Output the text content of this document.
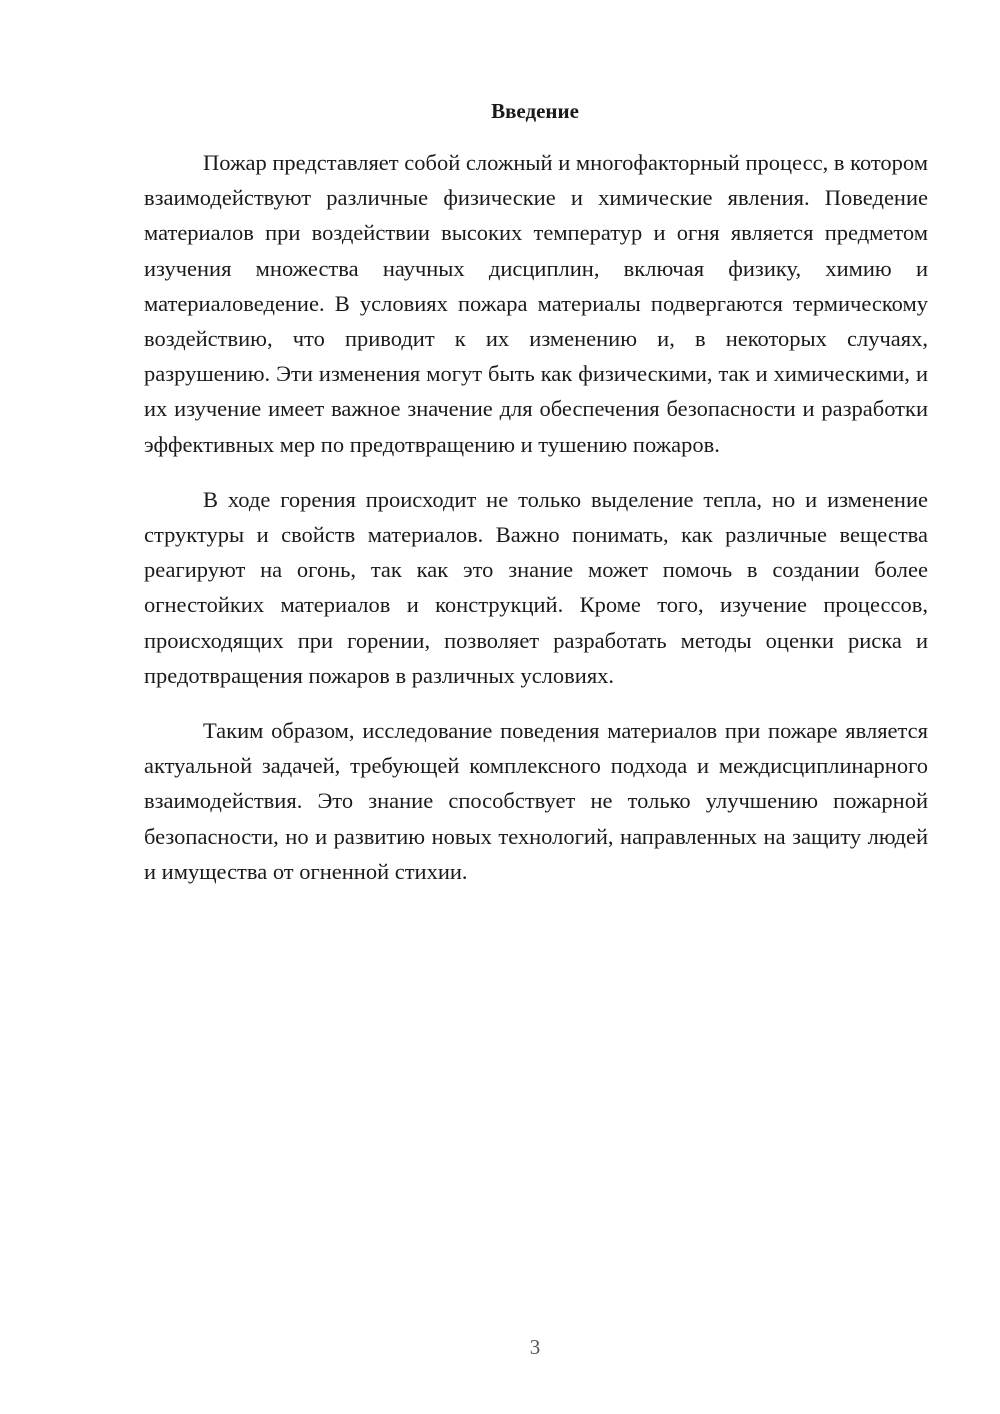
Введение

Пожар представляет собой сложный и многофакторный процесс, в котором взаимодействуют различные физические и химические явления. Поведение материалов при воздействии высоких температур и огня является предметом изучения множества научных дисциплин, включая физику, химию и материаловедение. В условиях пожара материалы подвергаются термическому воздействию, что приводит к их изменению и, в некоторых случаях, разрушению. Эти изменения могут быть как физическими, так и химическими, и их изучение имеет важное значение для обеспечения безопасности и разработки эффективных мер по предотвращению и тушению пожаров.

В ходе горения происходит не только выделение тепла, но и изменение структуры и свойств материалов. Важно понимать, как различные вещества реагируют на огонь, так как это знание может помочь в создании более огнестойких материалов и конструкций. Кроме того, изучение процессов, происходящих при горении, позволяет разработать методы оценки риска и предотвращения пожаров в различных условиях.

Таким образом, исследование поведения материалов при пожаре является актуальной задачей, требующей комплексного подхода и междисциплинарного взаимодействия. Это знание способствует не только улучшению пожарной безопасности, но и развитию новых технологий, направленных на защиту людей и имущества от огненной стихии.

3
